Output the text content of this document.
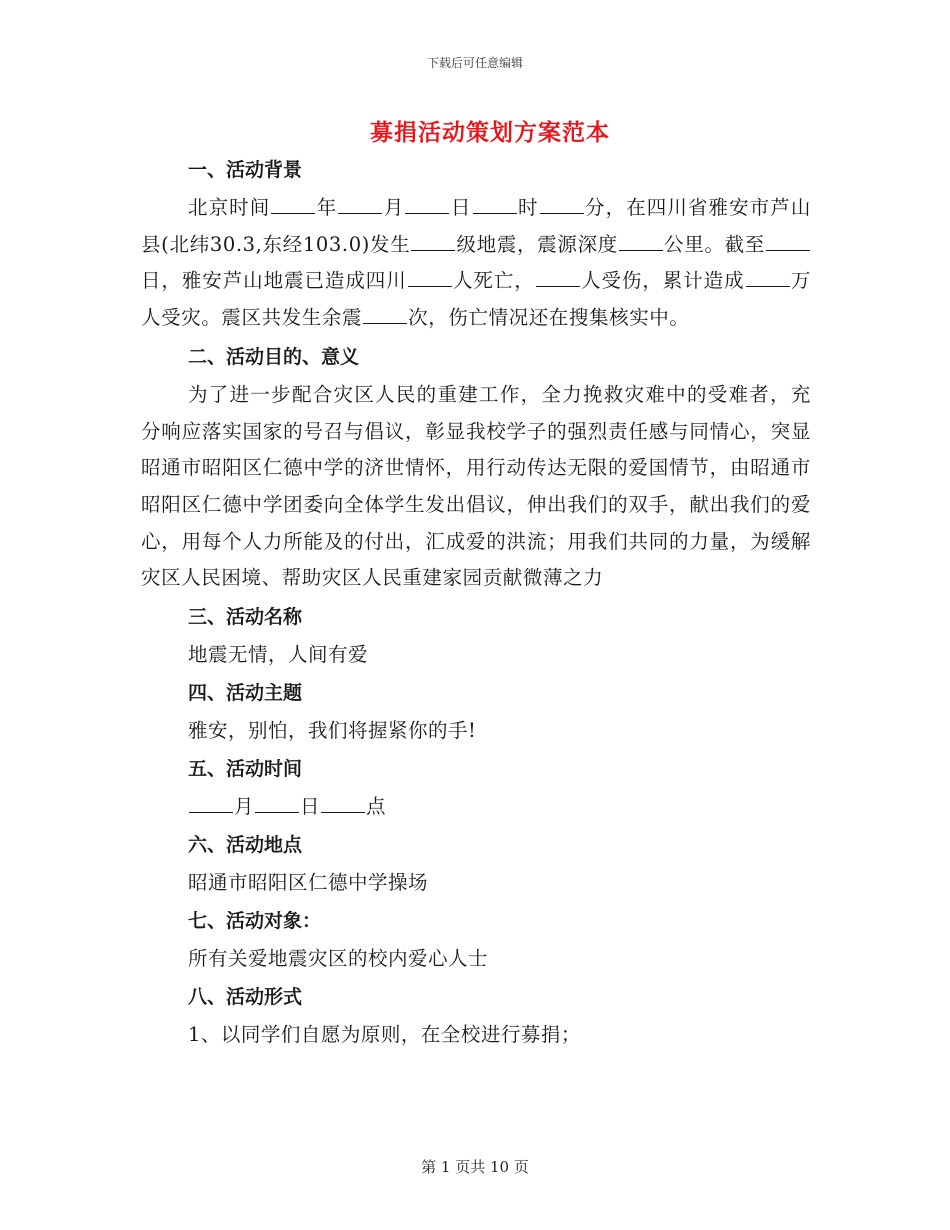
下载后可任意编辑
募捐活动策划方案范本
一、活动背景
北京时间 年 月 日 时 分，在四川省雅安市芦山县(北纬30.3,东经103.0)发生 级地震，震源深度 公里。截至日，雅安芦山地震已造成四川 人死亡， 人受伤，累计造成 万人受灾。震区共发生余震 次，伤亡情况还在搜集核实中。
二、活动目的、意义
为了进一步配合灾区人民的重建工作，全力挽救灾难中的受难者，充分响应落实国家的号召与倡议，彰显我校学子的强烈责任感与同情心，突显昭通市昭阳区仁德中学的济世情怀，用行动传达无限的爱国情节，由昭通市昭阳区仁德中学团委向全体学生发出倡议，伸出我们的双手，献出我们的爱心，用每个人力所能及的付出，汇成爱的洪流；用我们共同的力量，为缓解灾区人民困境、帮助灾区人民重建家园贡献微薄之力
三、活动名称
地震无情，人间有爱
四、活动主题
雅安，别怕，我们将握紧你的手!
五、活动时间
月 日 点
六、活动地点
昭通市昭阳区仁德中学操场
七、活动对象：
所有关爱地震灾区的校内爱心人士
八、活动形式
1、以同学们自愿为原则，在全校进行募捐；
第 1 页共 10 页
